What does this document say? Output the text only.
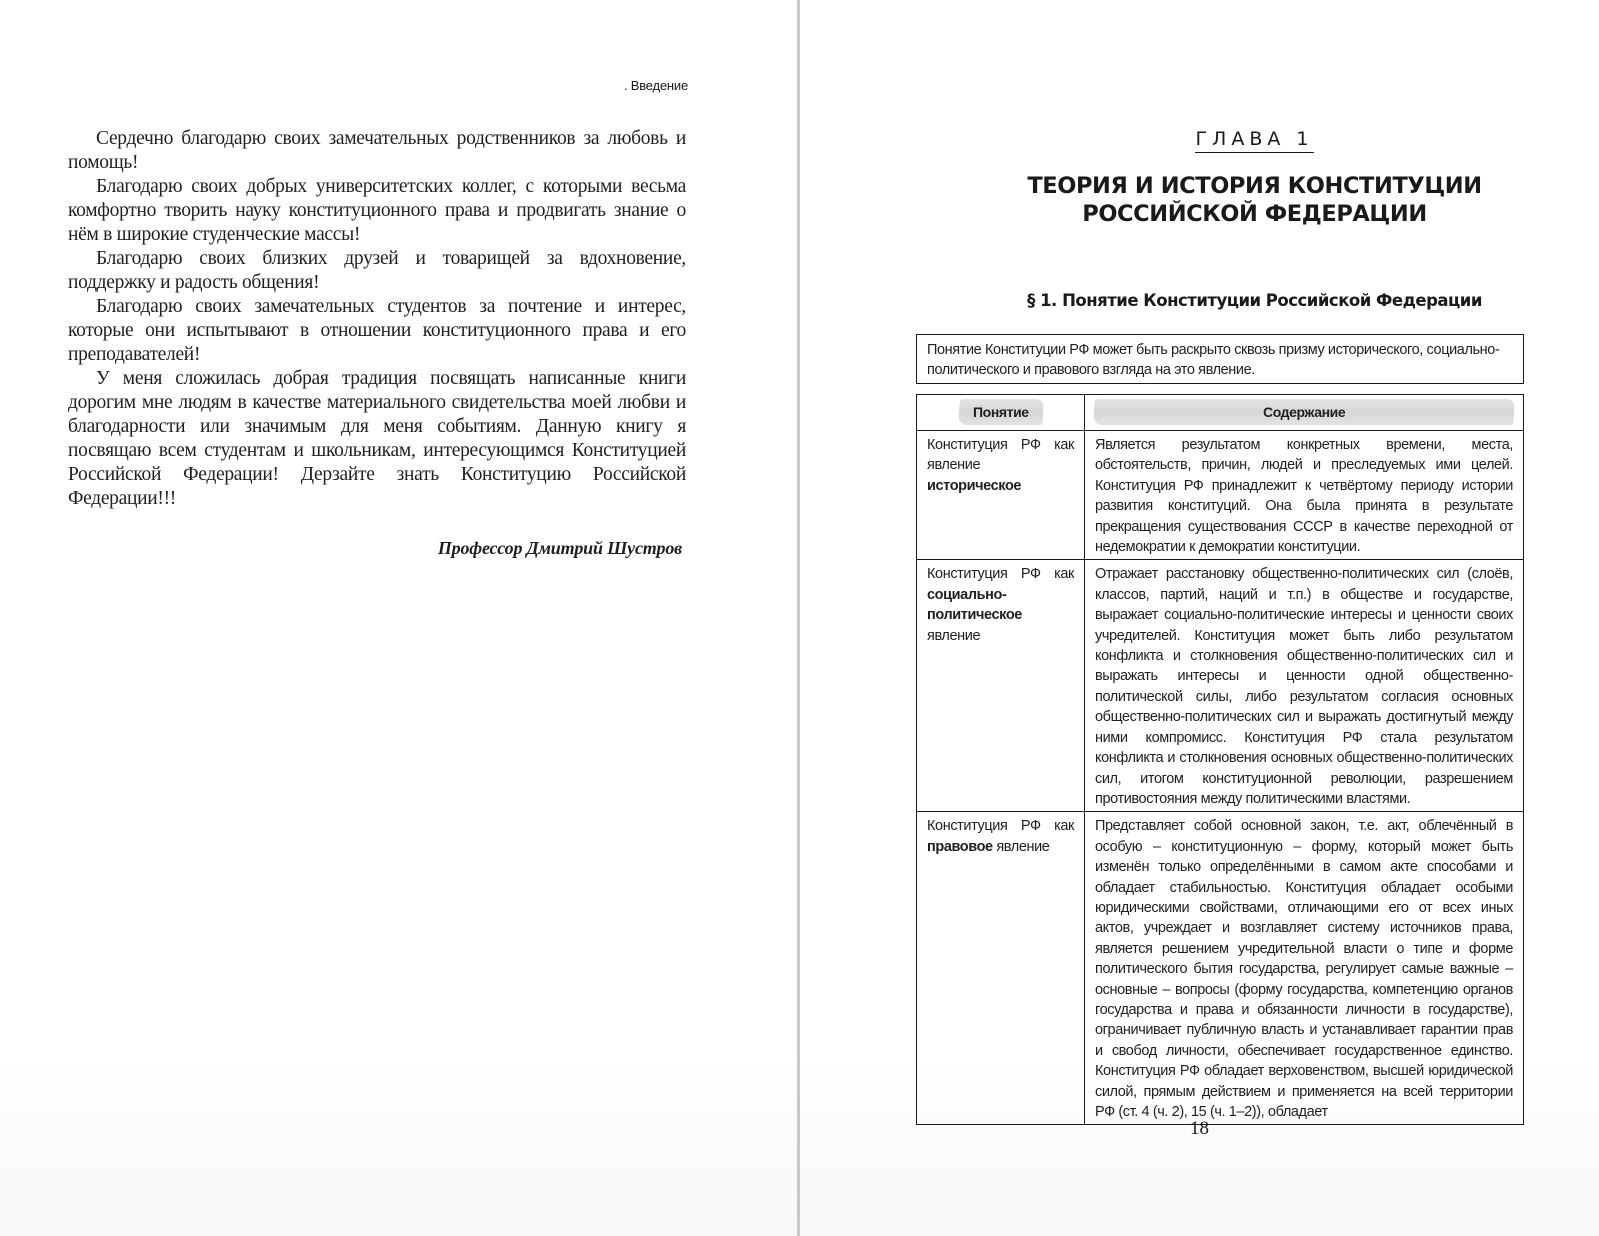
. Введение

Сердечно благодарю своих замечательных родственников за любовь и помощь!

Благодарю своих добрых университетских коллег, с которыми весьма комфортно творить науку конституционного права и продвигать знание о нём в широкие студенческие массы!

Благодарю своих близких друзей и товарищей за вдохновение, поддержку и радость общения!

Благодарю своих замечательных студентов за почтение и интерес, которые они испытывают в отношении конституционного права и его преподавателей!

У меня сложилась добрая традиция посвящать написанные книги дорогим мне людям в качестве материального свидетельства моей любви и благодарности или значимым для меня событиям. Данную книгу я посвящаю всем студентам и школьникам, интересующимся Конституцией Российской Федерации! Дерзайте знать Конституцию Российской Федерации!!!

Профессор Дмитрий Шустров
ГЛАВА 1
ТЕОРИЯ И ИСТОРИЯ КОНСТИТУЦИИ
РОССИЙСКОЙ ФЕДЕРАЦИИ
§ 1. Понятие Конституции Российской Федерации
Понятие Конституции РФ может быть раскрыто сквозь призму исторического, социально-политического и правового взгляда на это явление.
Понятие	Содержание
Конституция РФ как явление историческое	Является результатом конкретных времени, места, обстоятельств, причин, людей и преследуемых ими целей. Конституция РФ принадлежит к четвёртому периоду истории развития конституций. Она была принята в результате прекращения существования СССР в качестве переходной от недемократии к демократии конституции.
Конституция РФ как социально-политическое явление	Отражает расстановку общественно-политических сил (слоёв, классов, партий, наций и т.п.) в обществе и государстве, выражает социально-политические интересы и ценности своих учредителей. Конституция может быть либо результатом конфликта и столкновения общественно-политических сил и выражать интересы и ценности одной общественно-политической силы, либо результатом согласия основных общественно-политических сил и выражать достигнутый между ними компромисс. Конституция РФ стала результатом конфликта и столкновения основных общественно-политических сил, итогом конституционной революции, разрешением противостояния между политическими властями.
Конституция РФ как правовое явление	Представляет собой основной закон, т.е. акт, облечённый в особую – конституционную – форму, который может быть изменён только определёнными в самом акте способами и обладает стабильностью. Конституция обладает особыми юридическими свойствами, отличающими его от всех иных актов, учреждает и возглавляет систему источников права, является решением учредительной власти о типе и форме политического бытия государства, регулирует самые важные – основные – вопросы (форму государства, компетенцию органов государства и права и обязанности личности в государстве), ограничивает публичную власть и устанавливает гарантии прав и свобод личности, обеспечивает государственное единство. Конституция РФ обладает верховенством, высшей юридической силой, прямым действием и применяется на всей территории РФ (ст. 4 (ч. 2), 15 (ч. 1–2)), обладает
18
